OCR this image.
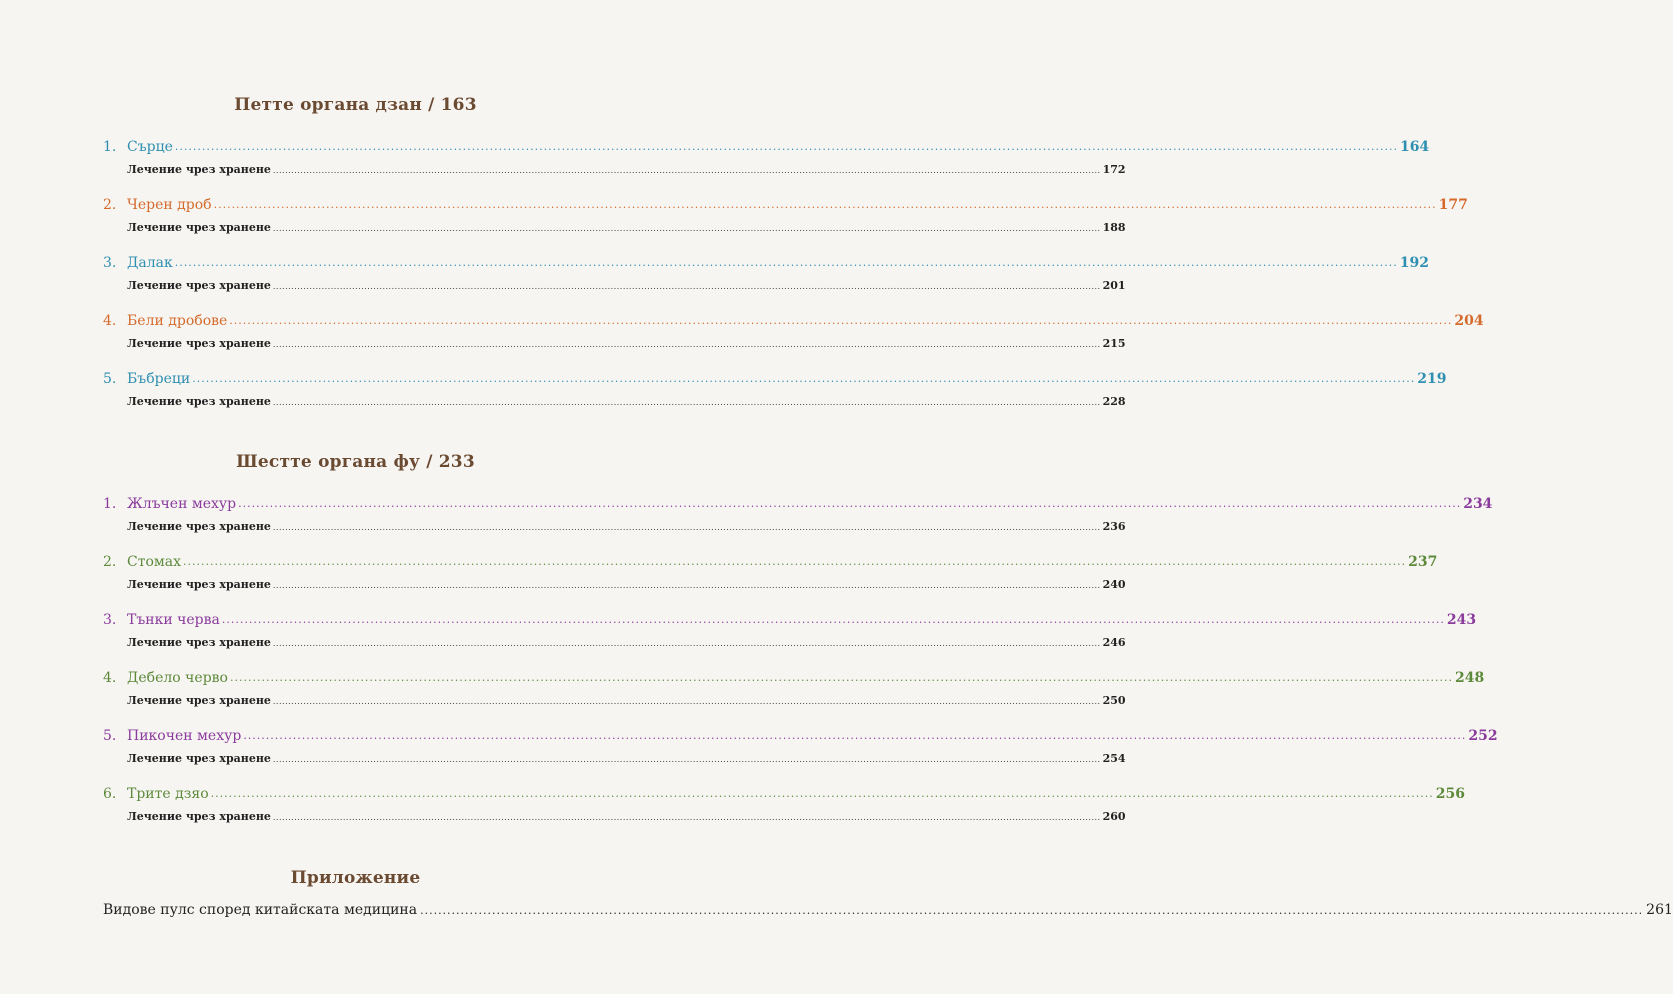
Петте органа дзан / 163
1. Сърце ................................................................................................................................................................................................................................................................................ 164
Лечение чрез хранене ................................................................................................................................................................................................................................................................................ 172
2. Черен дроб ................................................................................................................................................................................................................................................................................ 177
Лечение чрез хранене ................................................................................................................................................................................................................................................................................ 188
3. Далак ................................................................................................................................................................................................................................................................................ 192
Лечение чрез хранене ................................................................................................................................................................................................................................................................................ 201
4. Бели дробове ................................................................................................................................................................................................................................................................................ 204
Лечение чрез хранене ................................................................................................................................................................................................................................................................................ 215
5. Бъбреци ................................................................................................................................................................................................................................................................................ 219
Лечение чрез хранене ................................................................................................................................................................................................................................................................................ 228
Шестте органа фу / 233
1. Жлъчен мехур ................................................................................................................................................................................................................................................................................ 234
Лечение чрез хранене ................................................................................................................................................................................................................................................................................ 236
2. Стомах ................................................................................................................................................................................................................................................................................ 237
Лечение чрез хранене ................................................................................................................................................................................................................................................................................ 240
3. Тънки черва ................................................................................................................................................................................................................................................................................ 243
Лечение чрез хранене ................................................................................................................................................................................................................................................................................ 246
4. Дебело черво ................................................................................................................................................................................................................................................................................ 248
Лечение чрез хранене ................................................................................................................................................................................................................................................................................ 250
5. Пикочен мехур ................................................................................................................................................................................................................................................................................ 252
Лечение чрез хранене ................................................................................................................................................................................................................................................................................ 254
6. Трите дзяо ................................................................................................................................................................................................................................................................................ 256
Лечение чрез хранене ................................................................................................................................................................................................................................................................................ 260
Приложение
Видове пулс според китайската медицина ................................................................................................................................................................................................................................................................................ 261
